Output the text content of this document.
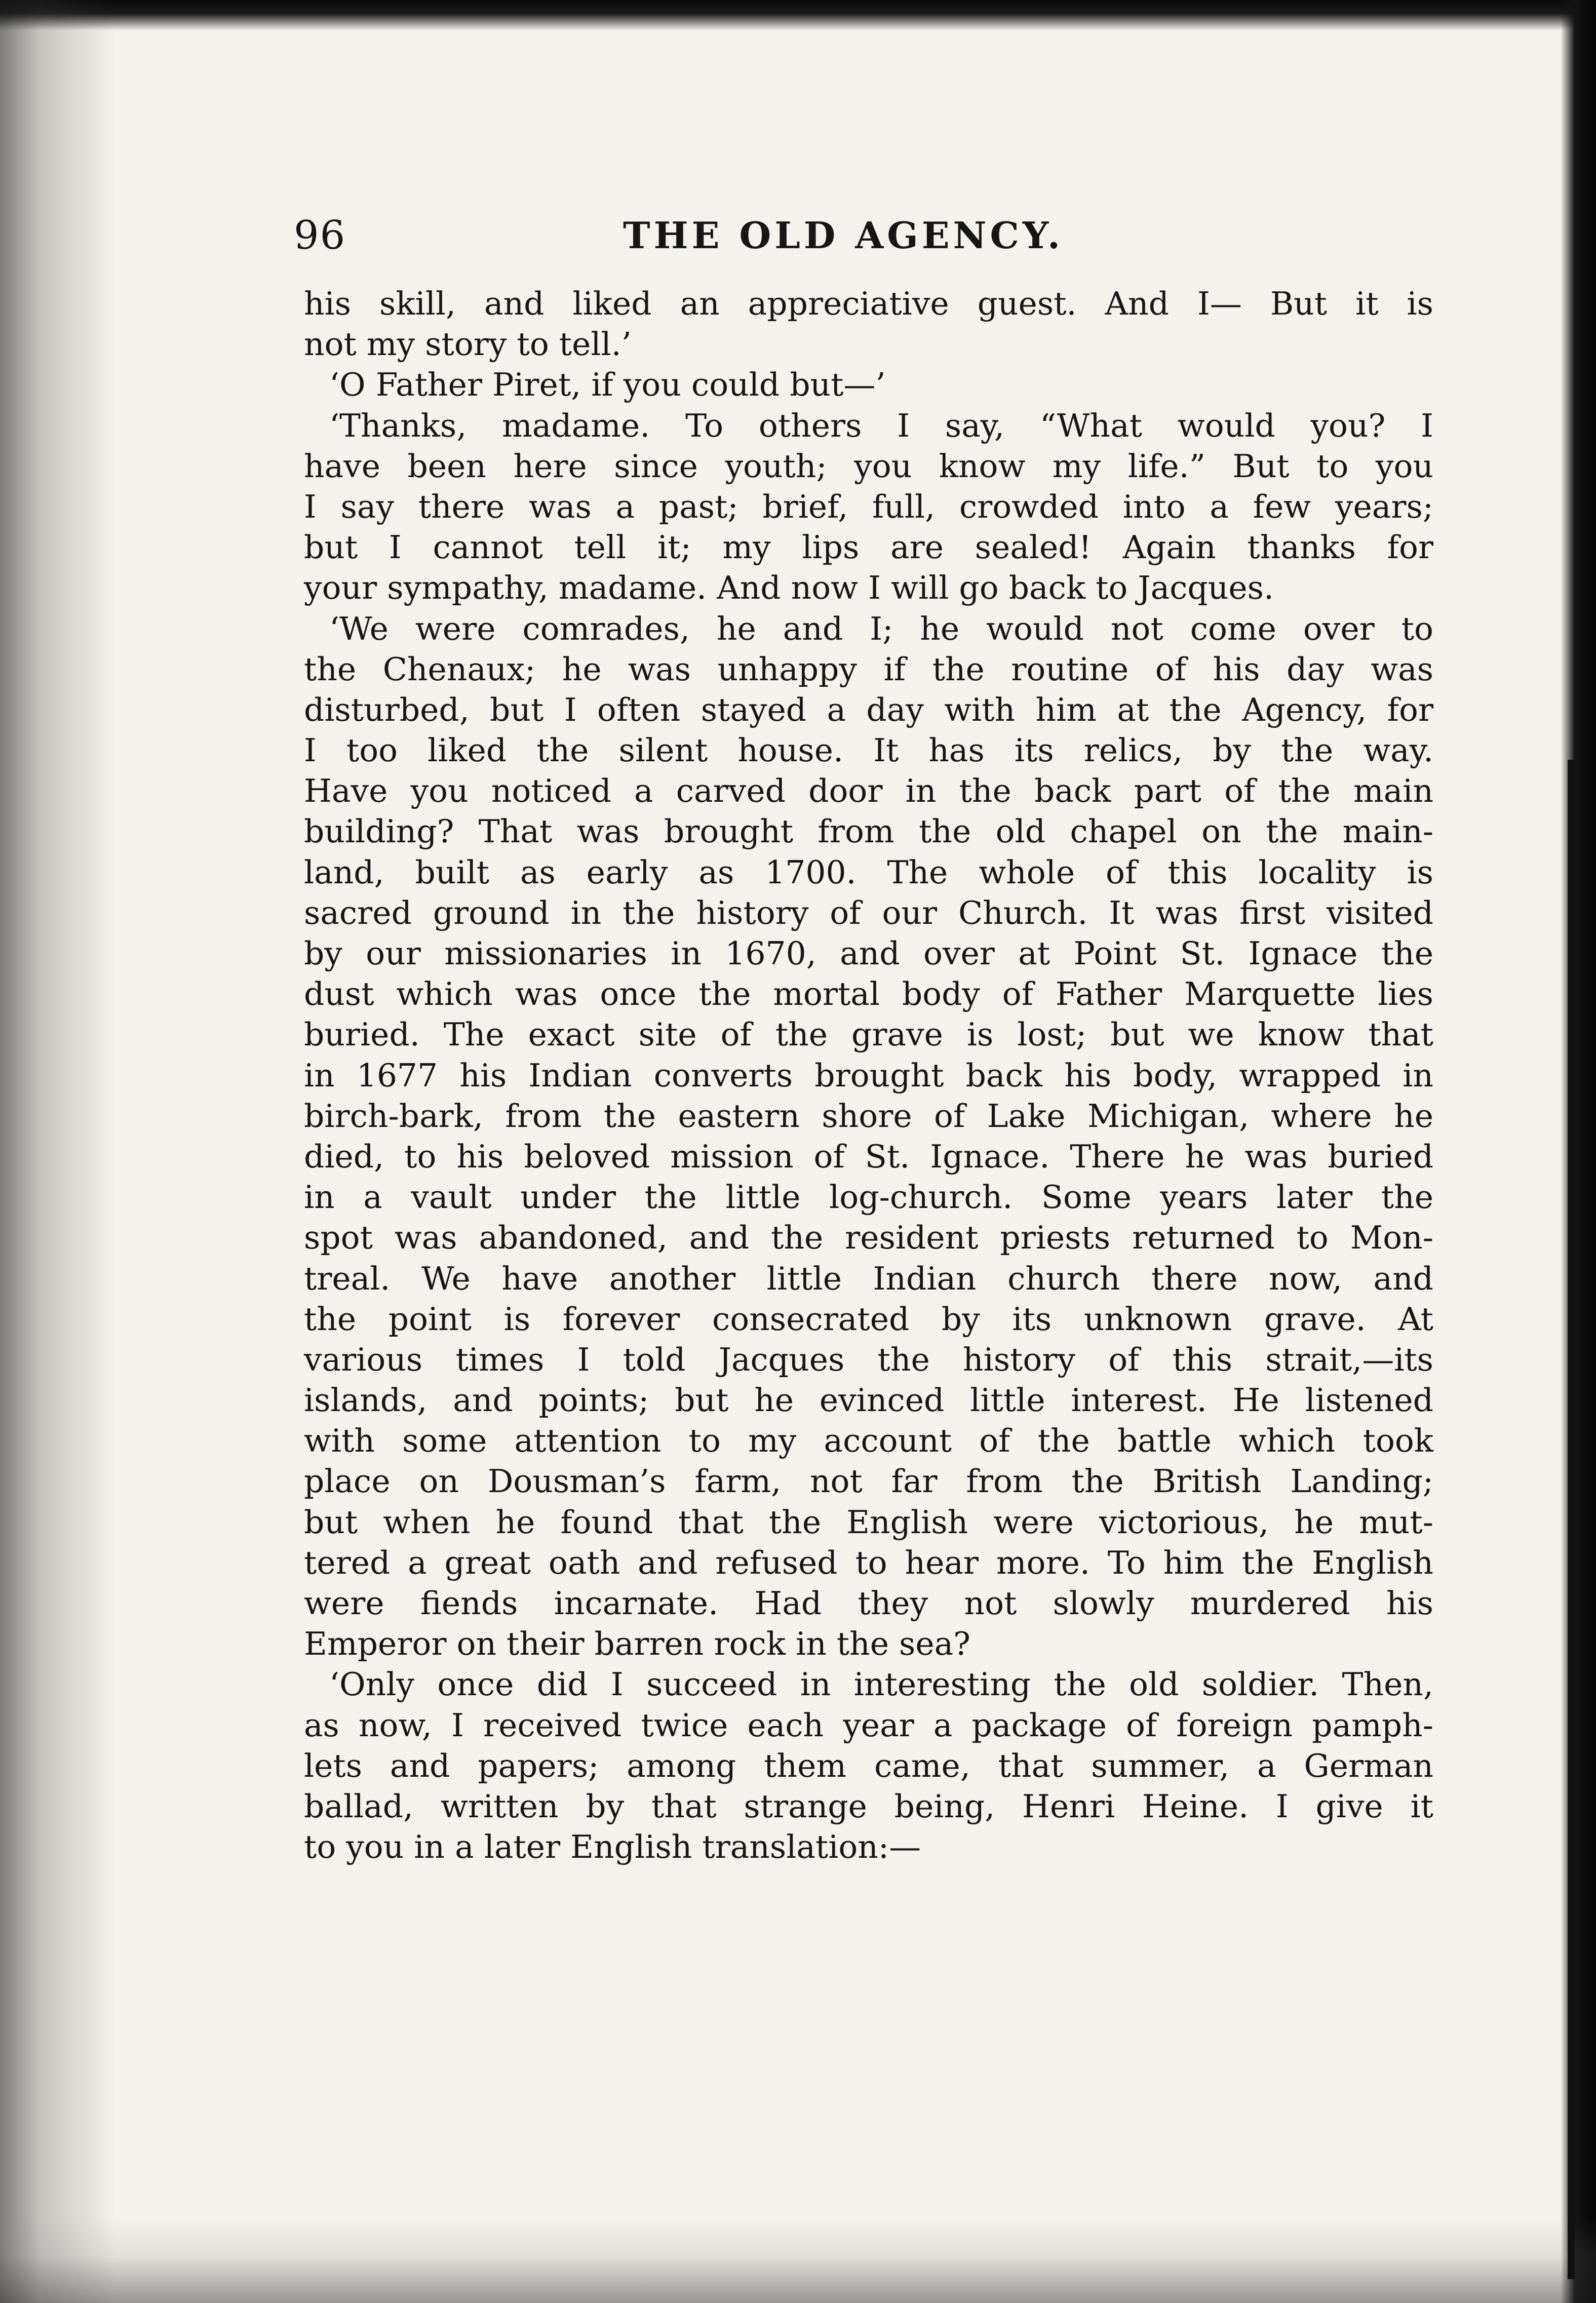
96	THE OLD AGENCY.
his skill, and liked an appreciative guest. And I— But it is
not my story to tell.’
‘O Father Piret, if you could but—’
‘Thanks, madame. To others I say, “What would you? I
have been here since youth; you know my life.” But to you
I say there was a past; brief, full, crowded into a few years;
but I cannot tell it; my lips are sealed! Again thanks for
your sympathy, madame. And now I will go back to Jacques.
‘We were comrades, he and I; he would not come over to
the Chenaux; he was unhappy if the routine of his day was
disturbed, but I often stayed a day with him at the Agency, for
I too liked the silent house. It has its relics, by the way.
Have you noticed a carved door in the back part of the main
building? That was brought from the old chapel on the main-
land, built as early as 1700. The whole of this locality is
sacred ground in the history of our Church. It was first visited
by our missionaries in 1670, and over at Point St. Ignace the
dust which was once the mortal body of Father Marquette lies
buried. The exact site of the grave is lost; but we know that
in 1677 his Indian converts brought back his body, wrapped in
birch-bark, from the eastern shore of Lake Michigan, where he
died, to his beloved mission of St. Ignace. There he was buried
in a vault under the little log-church. Some years later the
spot was abandoned, and the resident priests returned to Mon-
treal. We have another little Indian church there now, and
the point is forever consecrated by its unknown grave. At
various times I told Jacques the history of this strait,—its
islands, and points; but he evinced little interest. He listened
with some attention to my account of the battle which took
place on Dousman’s farm, not far from the British Landing;
but when he found that the English were victorious, he mut-
tered a great oath and refused to hear more. To him the English
were fiends incarnate. Had they not slowly murdered his
Emperor on their barren rock in the sea?
‘Only once did I succeed in interesting the old soldier. Then,
as now, I received twice each year a package of foreign pamph-
lets and papers; among them came, that summer, a German
ballad, written by that strange being, Henri Heine. I give it
to you in a later English translation:—
